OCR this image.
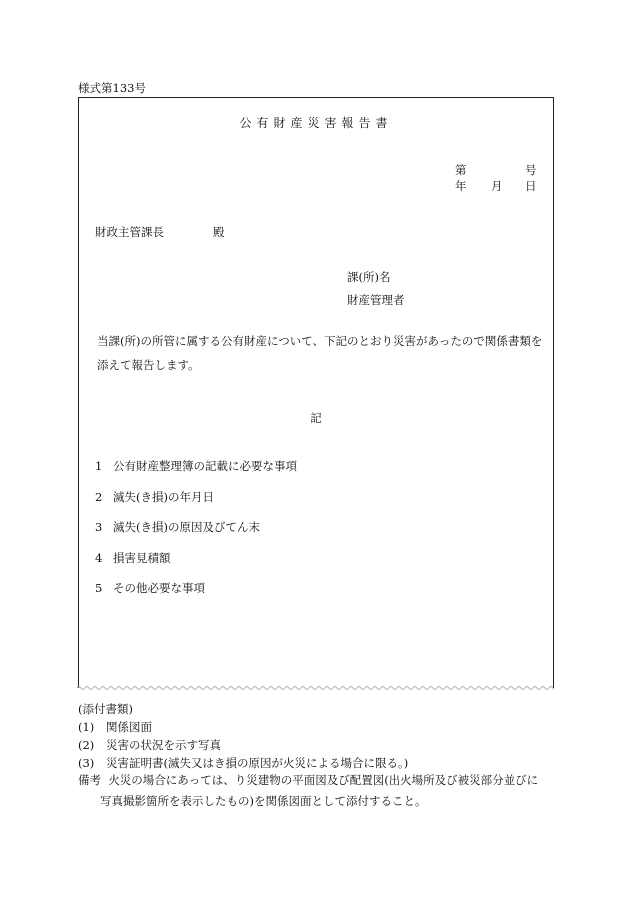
様式第133号
公有財産災害報告書
第	号
年 月 日
財政主管課長	殿
課(所)名
財産管理者
当課(所)の所管に属する公有財産について、下記のとおり災害があったので関係書類を添えて報告します。
記
1 公有財産整理簿の記載に必要な事項
2 滅失(き損)の年月日
3 滅失(き損)の原因及びてん末
4 損害見積額
5 その他必要な事項
(添付書類)
(1) 関係図面
(2) 災害の状況を示す写真
(3) 災害証明書(滅失又はき損の原因が火災による場合に限る。)
備考 火災の場合にあっては、り災建物の平面図及び配置図(出火場所及び被災部分並びに
写真撮影箇所を表示したもの)を関係図面として添付すること。
